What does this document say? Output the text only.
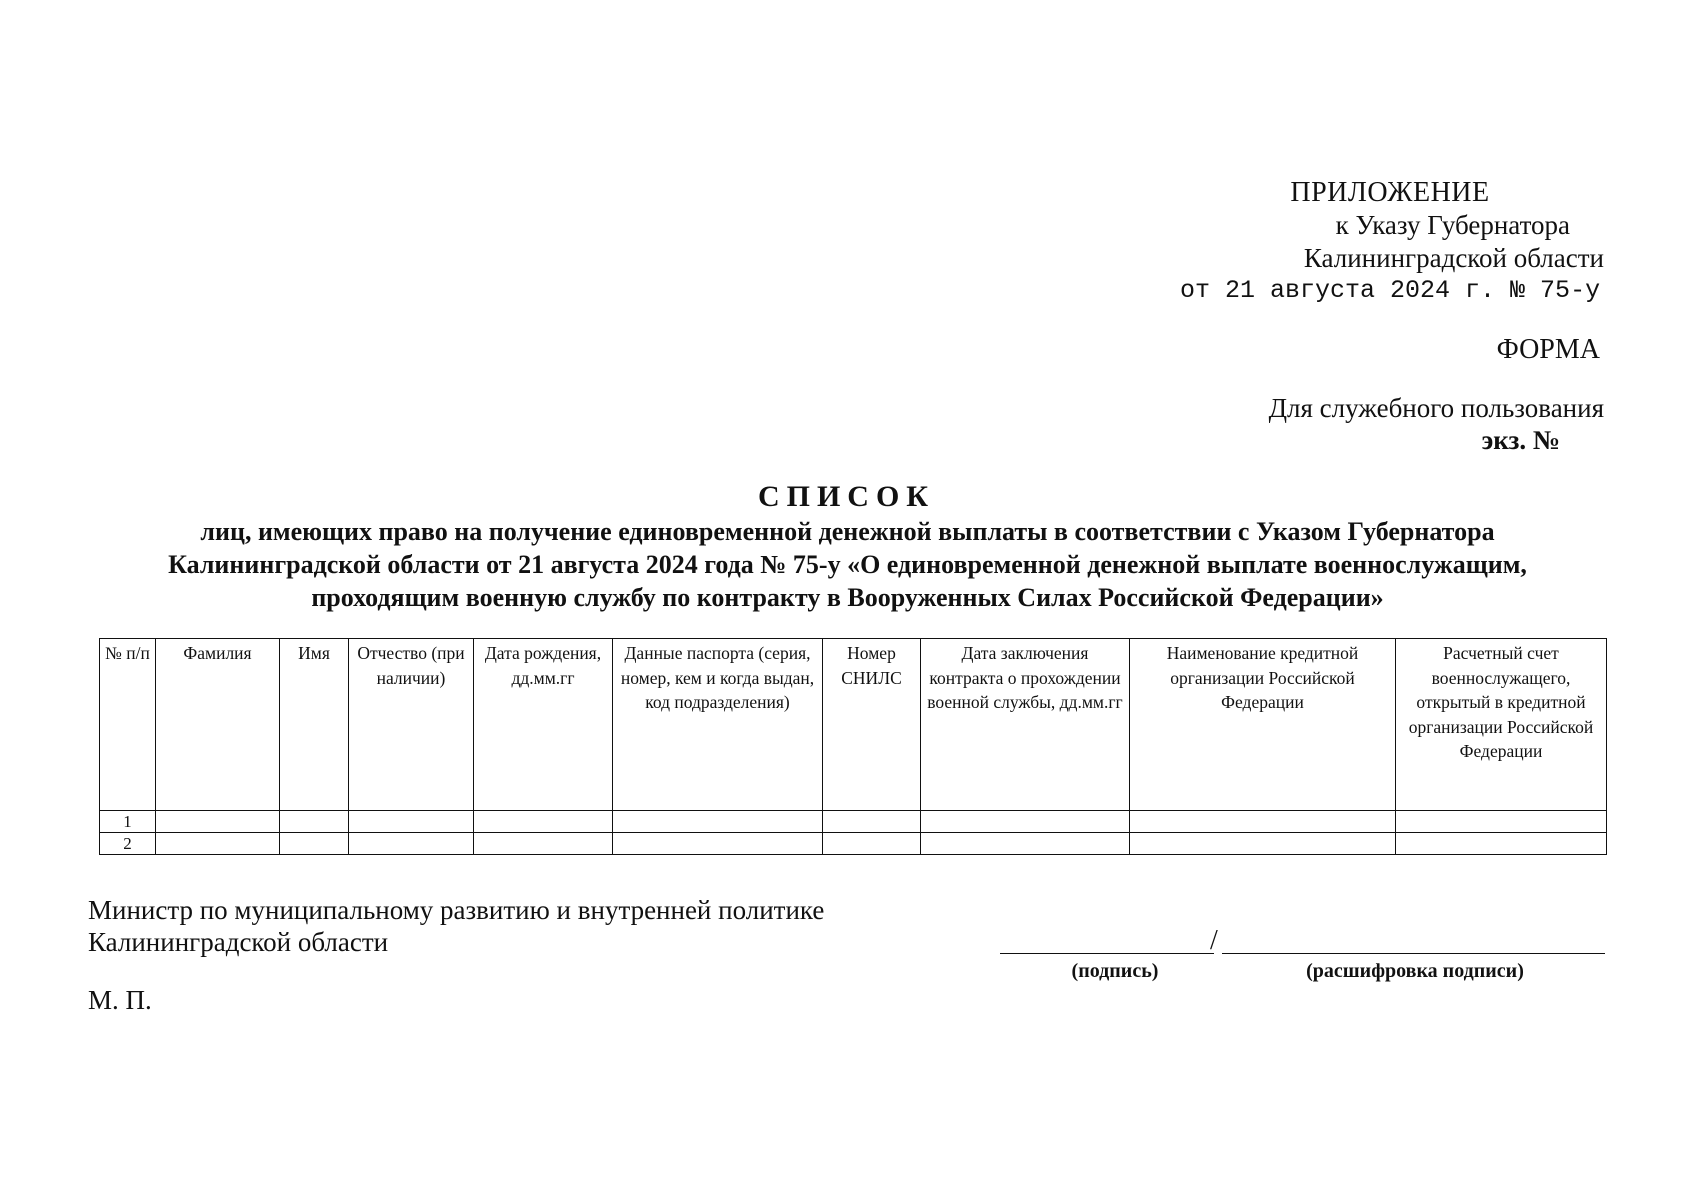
ПРИЛОЖЕНИЕ
к Указу Губернатора
Калининградской области
от 21 августа 2024 г. № 75-у
ФОРМА
Для служебного пользования
экз. №
СПИСОК
лиц, имеющих право на получение единовременной денежной выплаты в соответствии с Указом Губернатора Калининградской области от 21 августа 2024 года № 75-у «О единовременной денежной выплате военнослужащим, проходящим военную службу по контракту в Вооруженных Силах Российской Федерации»
№ п/п	Фамилия	Имя	Отчество (при наличии)	Дата рождения, дд.мм.гг	Данные паспорта (серия, номер, кем и когда выдан, код подразделения)	Номер СНИЛС	Дата заключения контракта о прохождении военной службы, дд.мм.гг	Наименование кредитной организации Российской Федерации	Расчетный счет военнослужащего, открытый в кредитной организации Российской Федерации
1									
2									
Министр по муниципальному развитию и внутренней политике
Калининградской области	/
(подпись)	(расшифровка подписи)
М. П.
